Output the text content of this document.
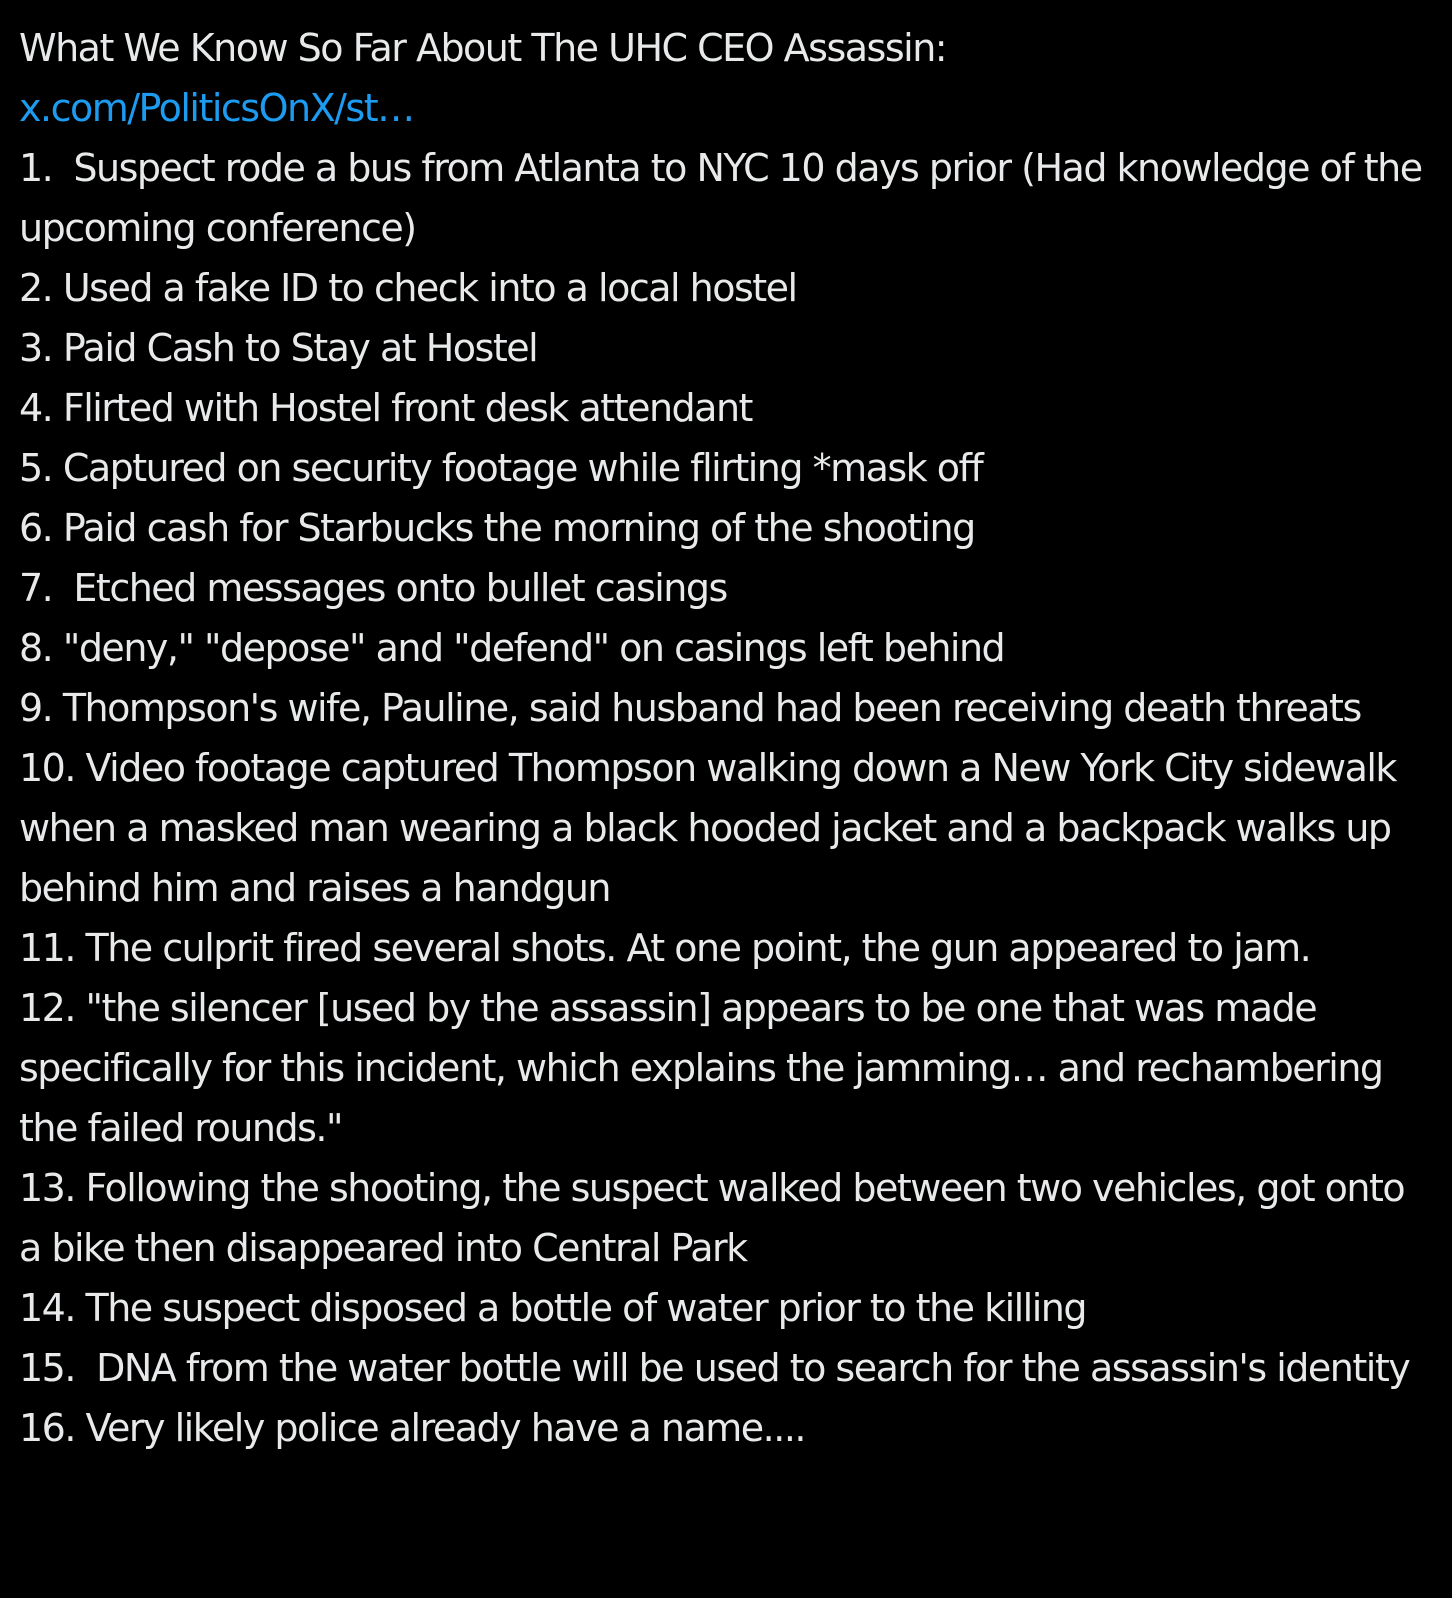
What We Know So Far About The UHC CEO Assassin:
x.com/PoliticsOnX/st…
1.  Suspect rode a bus from Atlanta to NYC 10 days prior (Had knowledge of the upcoming conference)
2. Used a fake ID to check into a local hostel
3. Paid Cash to Stay at Hostel
4. Flirted with Hostel front desk attendant
5. Captured on security footage while flirting *mask off
6. Paid cash for Starbucks the morning of the shooting
7.  Etched messages onto bullet casings
8. "deny," "depose" and "defend" on casings left behind
9. Thompson's wife, Pauline, said husband had been receiving death threats
10. Video footage captured Thompson walking down a New York City sidewalk when a masked man wearing a black hooded jacket and a backpack walks up behind him and raises a handgun
11. The culprit fired several shots. At one point, the gun appeared to jam.
12. "the silencer [used by the assassin] appears to be one that was made specifically for this incident, which explains the jamming… and rechambering the failed rounds."
13. Following the shooting, the suspect walked between two vehicles, got onto a bike then disappeared into Central Park
14. The suspect disposed a bottle of water prior to the killing
15.  DNA from the water bottle will be used to search for the assassin's identity
16. Very likely police already have a name....
